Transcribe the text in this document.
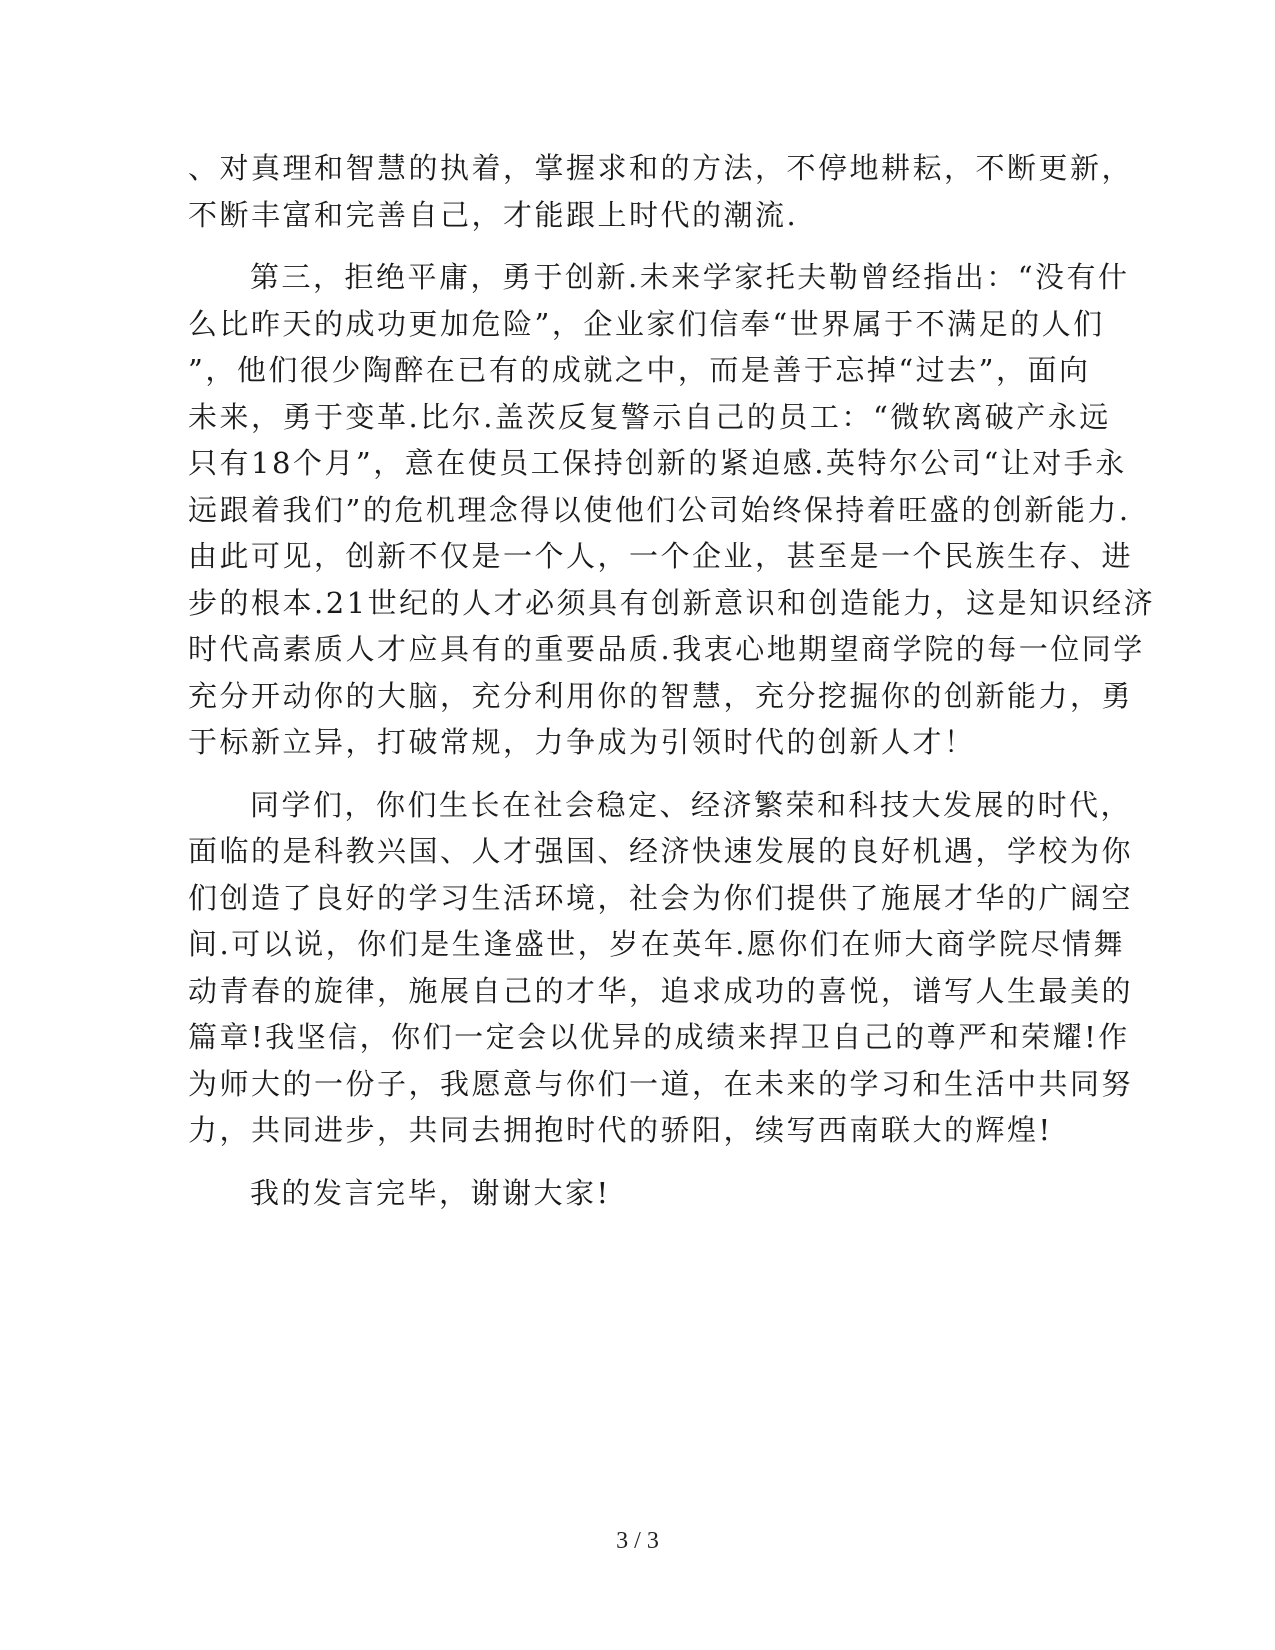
、对真理和智慧的执着，掌握求和的方法，不停地耕耘，不断更新，
不断丰富和完善自己，才能跟上时代的潮流.

第三，拒绝平庸，勇于创新.未来学家托夫勒曾经指出：“没有什
么比昨天的成功更加危险”，企业家们信奉“世界属于不满足的人们
”，他们很少陶醉在已有的成就之中，而是善于忘掉“过去”，面向
未来，勇于变革.比尔.盖茨反复警示自己的员工：“微软离破产永远
只有18个月”，意在使员工保持创新的紧迫感.英特尔公司“让对手永
远跟着我们”的危机理念得以使他们公司始终保持着旺盛的创新能力.
由此可见，创新不仅是一个人，一个企业，甚至是一个民族生存、进
步的根本.21世纪的人才必须具有创新意识和创造能力，这是知识经济
时代高素质人才应具有的重要品质.我衷心地期望商学院的每一位同学
充分开动你的大脑，充分利用你的智慧，充分挖掘你的创新能力，勇
于标新立异，打破常规，力争成为引领时代的创新人才！

同学们，你们生长在社会稳定、经济繁荣和科技大发展的时代，
面临的是科教兴国、人才强国、经济快速发展的良好机遇，学校为你
们创造了良好的学习生活环境，社会为你们提供了施展才华的广阔空
间.可以说，你们是生逢盛世，岁在英年.愿你们在师大商学院尽情舞
动青春的旋律，施展自己的才华，追求成功的喜悦，谱写人生最美的
篇章!我坚信，你们一定会以优异的成绩来捍卫自己的尊严和荣耀!作
为师大的一份子，我愿意与你们一道，在未来的学习和生活中共同努
力，共同进步，共同去拥抱时代的骄阳，续写西南联大的辉煌!

我的发言完毕，谢谢大家!

3 / 3
